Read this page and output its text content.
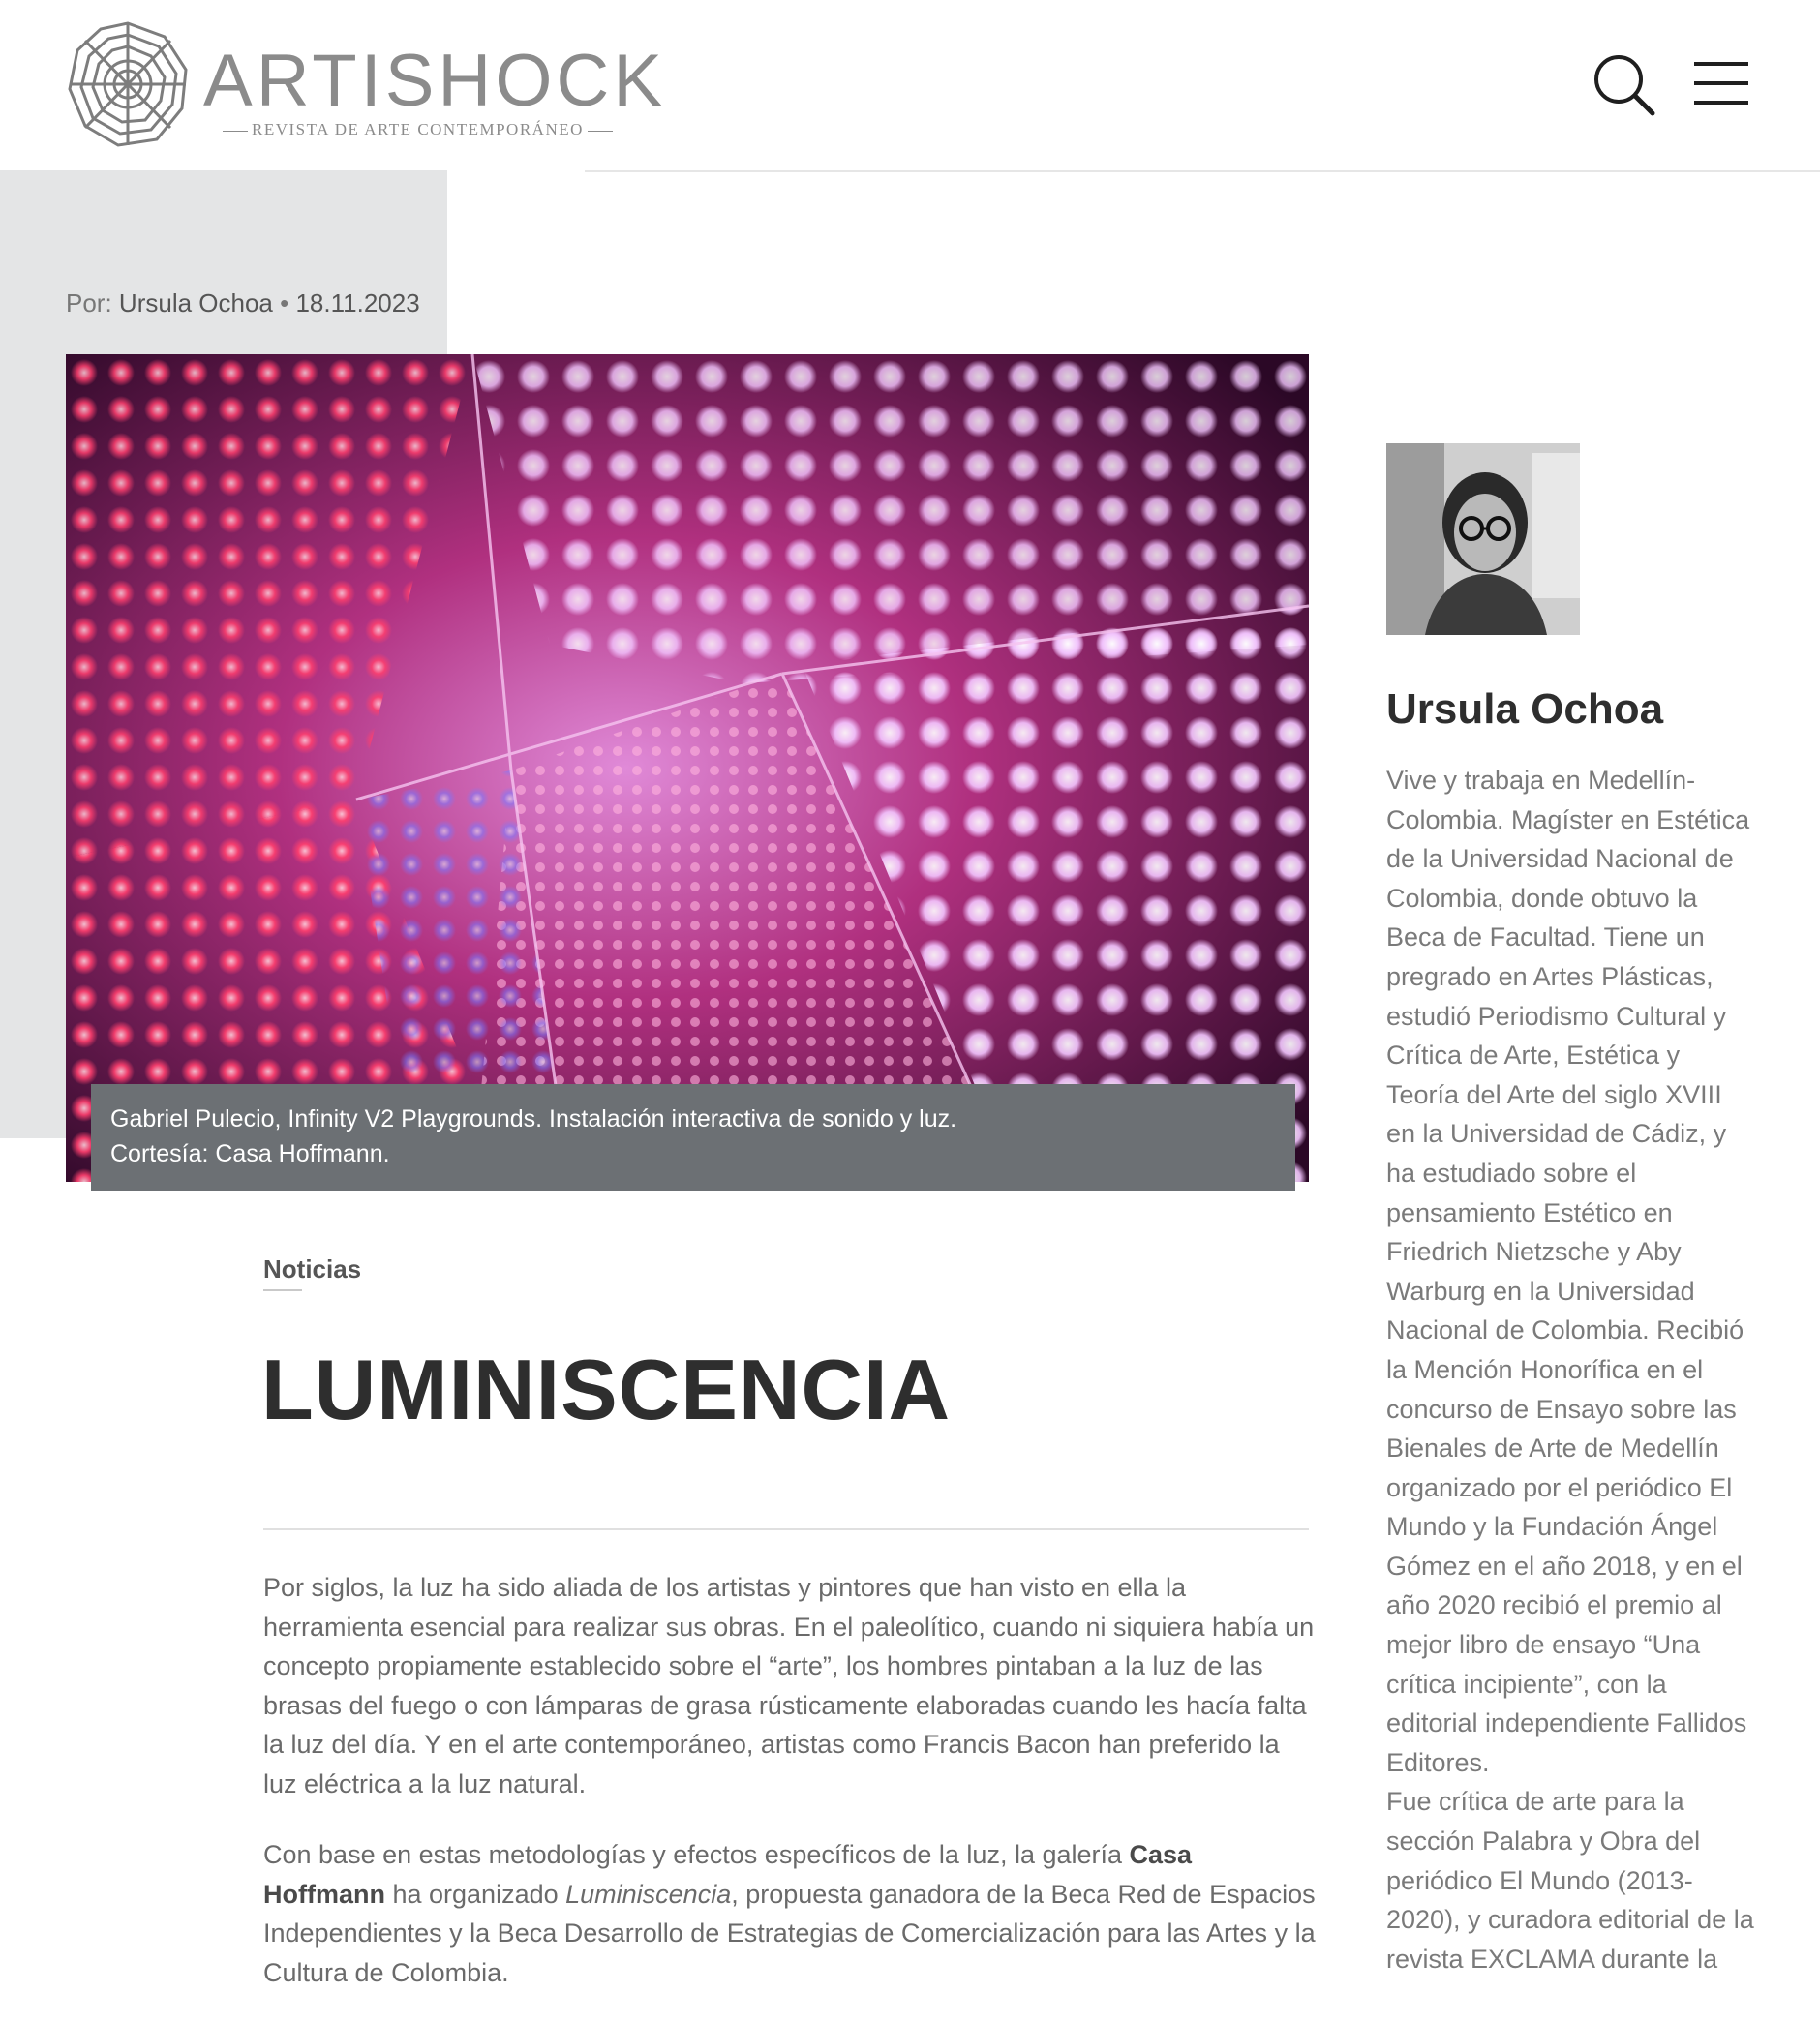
ARTISHOCK
REVISTA DE ARTE CONTEMPORÁNEO
Por: Ursula Ochoa • 18.11.2023
Gabriel Pulecio, Infinity V2 Playgrounds. Instalación interactiva de sonido y luz.
Cortesía: Casa Hoffmann.
Noticias
LUMINISCENCIA

Por siglos, la luz ha sido aliada de los artistas y pintores que han visto en ella la herramienta esencial para realizar sus obras. En el paleolítico, cuando ni siquiera había un concepto propiamente establecido sobre el “arte”, los hombres pintaban a la luz de las brasas del fuego o con lámparas de grasa rústicamente elaboradas cuando les hacía falta la luz del día. Y en el arte contemporáneo, artistas como Francis Bacon han preferido la luz eléctrica a la luz natural.

Con base en estas metodologías y efectos específicos de la luz, la galería Casa Hoffmann ha organizado Luminiscencia, propuesta ganadora de la Beca Red de Espacios Independientes y la Beca Desarrollo de Estrategias de Comercialización para las Artes y la Cultura de Colombia.

Ursula Ochoa
Vive y trabaja en Medellín-Colombia. Magíster en Estética de la Universidad Nacional de Colombia, donde obtuvo la Beca de Facultad. Tiene un pregrado en Artes Plásticas, estudió Periodismo Cultural y Crítica de Arte, Estética y Teoría del Arte del siglo XVIII en la Universidad de Cádiz, y ha estudiado sobre el pensamiento Estético en Friedrich Nietzsche y Aby Warburg en la Universidad Nacional de Colombia. Recibió la Mención Honorífica en el concurso de Ensayo sobre las Bienales de Arte de Medellín organizado por el periódico El Mundo y la Fundación Ángel Gómez en el año 2018, y en el año 2020 recibió el premio al mejor libro de ensayo “Una crítica incipiente”, con la editorial independiente Fallidos Editores.
Fue crítica de arte para la sección Palabra y Obra del periódico El Mundo (2013-2020), y curadora editorial de la revista EXCLAMA durante la
